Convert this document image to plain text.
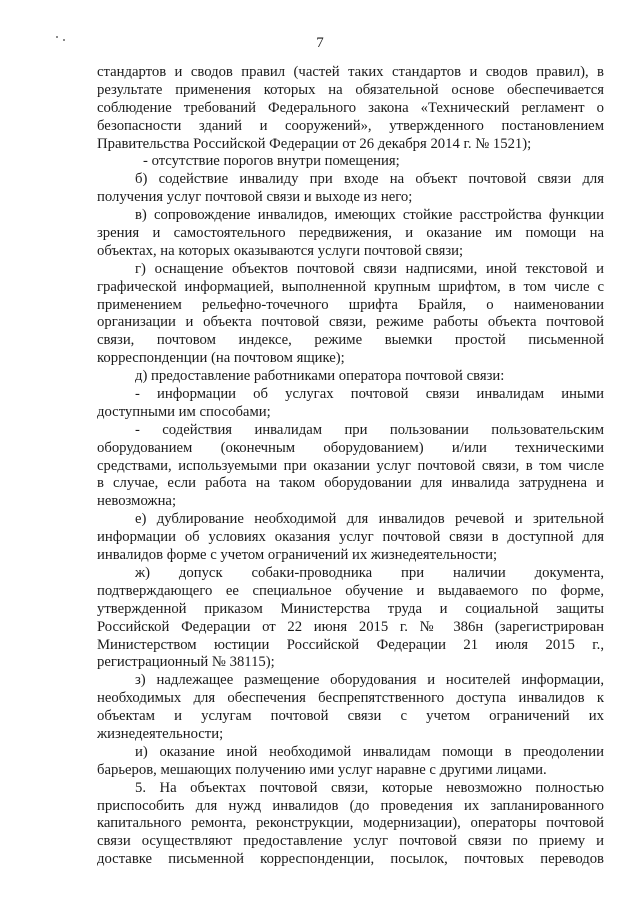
7
стандартов и сводов правил (частей таких стандартов и сводов правил), в
результате применения которых на обязательной основе обеспечивается
соблюдение требований Федерального закона «Технический регламент о
безопасности зданий и сооружений», утвержденного постановлением
Правительства Российской Федерации от 26 декабря 2014 г. № 1521);
- отсутствие порогов внутри помещения;
б) содействие инвалиду при входе на объект почтовой связи для
получения услуг почтовой связи и выходе из него;
в) сопровождение инвалидов, имеющих стойкие расстройства функции
зрения и самостоятельного передвижения, и оказание им помощи на
объектах, на которых оказываются услуги почтовой связи;
г) оснащение объектов почтовой связи надписями, иной текстовой и
графической информацией, выполненной крупным шрифтом, в том числе с
применением рельефно-точечного шрифта Брайля, о наименовании
организации и объекта почтовой связи, режиме работы объекта почтовой
связи, почтовом индексе, режиме выемки простой письменной
корреспонденции (на почтовом ящике);
д) предоставление работниками оператора почтовой связи:
- информации об услугах почтовой связи инвалидам иными
доступными им способами;
- содействия инвалидам при пользовании пользовательским
оборудованием (оконечным оборудованием) и/или техническими
средствами, используемыми при оказании услуг почтовой связи, в том числе
в случае, если работа на таком оборудовании для инвалида затруднена и
невозможна;
е) дублирование необходимой для инвалидов речевой и зрительной
информации об условиях оказания услуг почтовой связи в доступной для
инвалидов форме с учетом ограничений их жизнедеятельности;
ж) допуск собаки-проводника при наличии документа,
подтверждающего ее специальное обучение и выдаваемого по форме,
утвержденной приказом Министерства труда и социальной защиты
Российской Федерации от 22 июня 2015 г. № 386н (зарегистрирован
Министерством юстиции Российской Федерации 21 июля 2015 г.,
регистрационный № 38115);
з) надлежащее размещение оборудования и носителей информации,
необходимых для обеспечения беспрепятственного доступа инвалидов к
объектам и услугам почтовой связи с учетом ограничений их
жизнедеятельности;
и) оказание иной необходимой инвалидам помощи в преодолении
барьеров, мешающих получению ими услуг наравне с другими лицами.
5. На объектах почтовой связи, которые невозможно полностью
приспособить для нужд инвалидов (до проведения их запланированного
капитального ремонта, реконструкции, модернизации), операторы почтовой
связи осуществляют предоставление услуг почтовой связи по приему и
доставке письменной корреспонденции, посылок, почтовых переводов
